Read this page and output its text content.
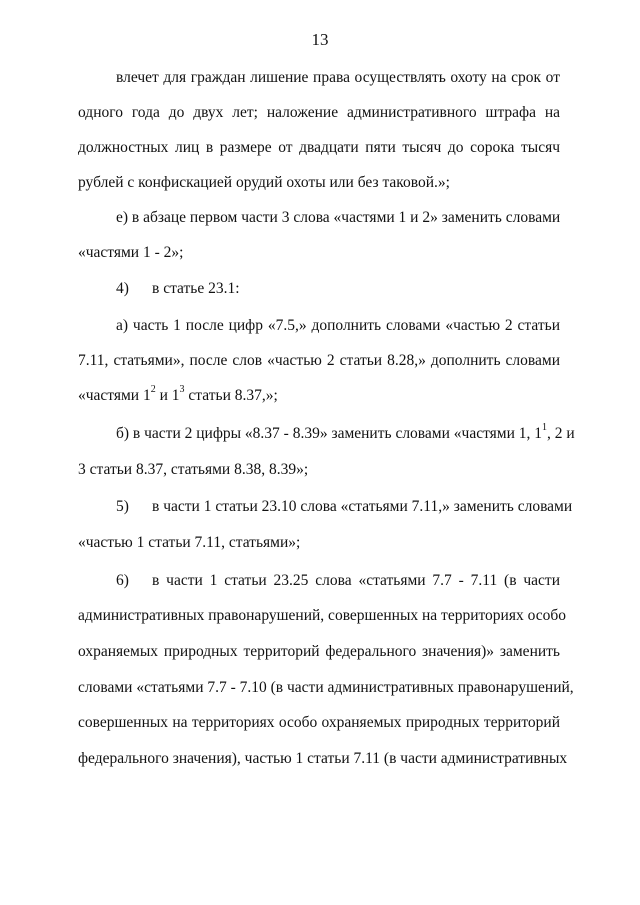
13
влечет для граждан лишение права осуществлять охоту на срок от
одного года до двух лет; наложение административного штрафа на
должностных лиц в размере от двадцати пяти тысяч до сорока тысяч
рублей с конфискацией орудий охоты или без таковой.»;
е) в абзаце первом части 3 слова «частями 1 и 2» заменить словами
«частями 1 - 2»;
4) в статье 23.1:
а) часть 1 после цифр «7.5,» дополнить словами «частью 2 статьи
7.11, статьями», после слов «частью 2 статьи 8.28,» дополнить словами
«частями $1^2$ и $1^3$ статьи 8.37,»;
б) в части 2 цифры «8.37 - 8.39» заменить словами «частями 1, $1^1$, 2 и
3 статьи 8.37, статьями 8.38, 8.39»;
5) в части 1 статьи 23.10 слова «статьями 7.11,» заменить словами
«частью 1 статьи 7.11, статьями»;
6) в части 1 статьи 23.25 слова «статьями 7.7 - 7.11 (в части
административных правонарушений, совершенных на территориях особо
охраняемых природных территорий федерального значения)» заменить
словами «статьями 7.7 - 7.10 (в части административных правонарушений,
совершенных на территориях особо охраняемых природных территорий
федерального значения), частью 1 статьи 7.11 (в части административных
